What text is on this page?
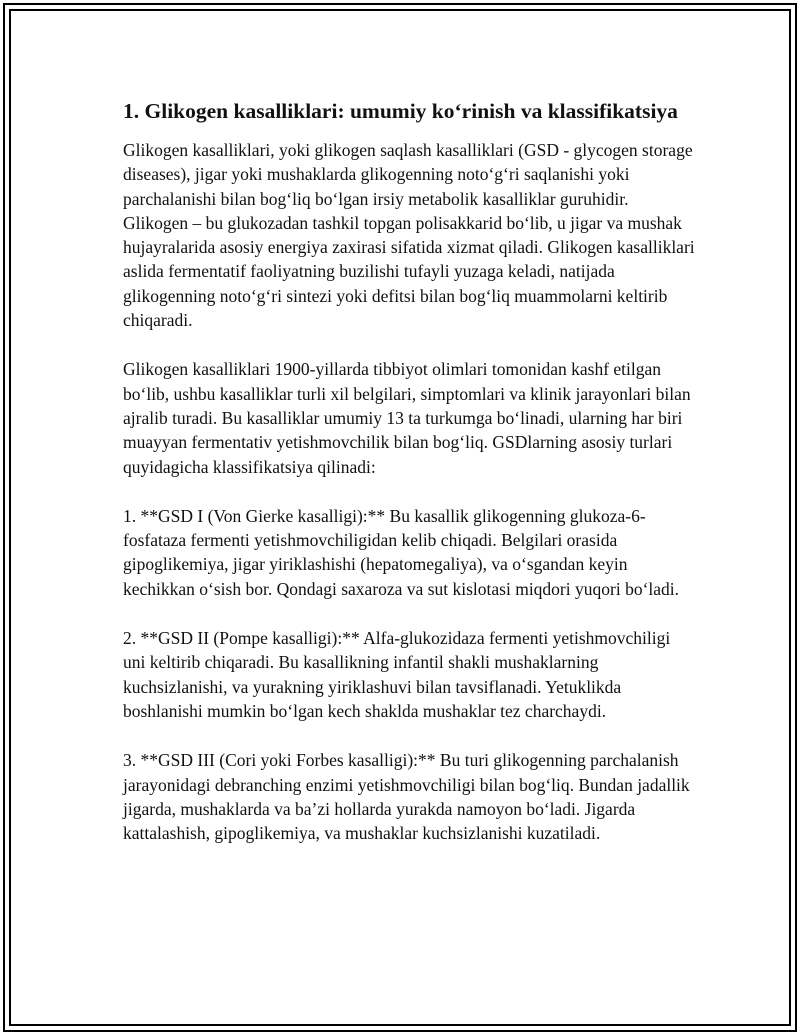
1. Glikogen kasalliklari: umumiy ko‘rinish va klassifikatsiya

Glikogen kasalliklari, yoki glikogen saqlash kasalliklari (GSD - glycogen storage diseases), jigar yoki mushaklarda glikogenning noto‘g‘ri saqlanishi yoki parchalanishi bilan bog‘liq bo‘lgan irsiy metabolik kasalliklar guruhidir. Glikogen – bu glukozadan tashkil topgan polisakkarid bo‘lib, u jigar va mushak hujayralarida asosiy energiya zaxirasi sifatida xizmat qiladi. Glikogen kasalliklari aslida fermentatif faoliyatning buzilishi tufayli yuzaga keladi, natijada glikogenning noto‘g‘ri sintezi yoki defitsi bilan bog‘liq muammolarni keltirib chiqaradi.

Glikogen kasalliklari 1900-yillarda tibbiyot olimlari tomonidan kashf etilgan bo‘lib, ushbu kasalliklar turli xil belgilari, simptomlari va klinik jarayonlari bilan ajralib turadi. Bu kasalliklar umumiy 13 ta turkumga bo‘linadi, ularning har biri muayyan fermentativ yetishmovchilik bilan bog‘liq. GSDlarning asosiy turlari quyidagicha klassifikatsiya qilinadi:

1. **GSD I (Von Gierke kasalligi):** Bu kasallik glikogenning glukoza-6-fosfataza fermenti yetishmovchiligidan kelib chiqadi. Belgilari orasida gipoglikemiya, jigar yiriklashishi (hepatomegaliya), va o‘sgandan keyin kechikkan o‘sish bor. Qondagi saxaroza va sut kislotasi miqdori yuqori bo‘ladi.

2. **GSD II (Pompe kasalligi):** Alfa-glukozidaza fermenti yetishmovchiligi uni keltirib chiqaradi. Bu kasallikning infantil shakli mushaklarning kuchsizlanishi, va yurakning yiriklashuvi bilan tavsiflanadi. Yetuklikda boshlanishi mumkin bo‘lgan kech shaklda mushaklar tez charchaydi.

3. **GSD III (Cori yoki Forbes kasalligi):** Bu turi glikogenning parchalanish jarayonidagi debranching enzimi yetishmovchiligi bilan bog‘liq. Bundan jadallik jigarda, mushaklarda va ba’zi hollarda yurakda namoyon bo‘ladi. Jigarda kattalashish, gipoglikemiya, va mushaklar kuchsizlanishi kuzatiladi.
